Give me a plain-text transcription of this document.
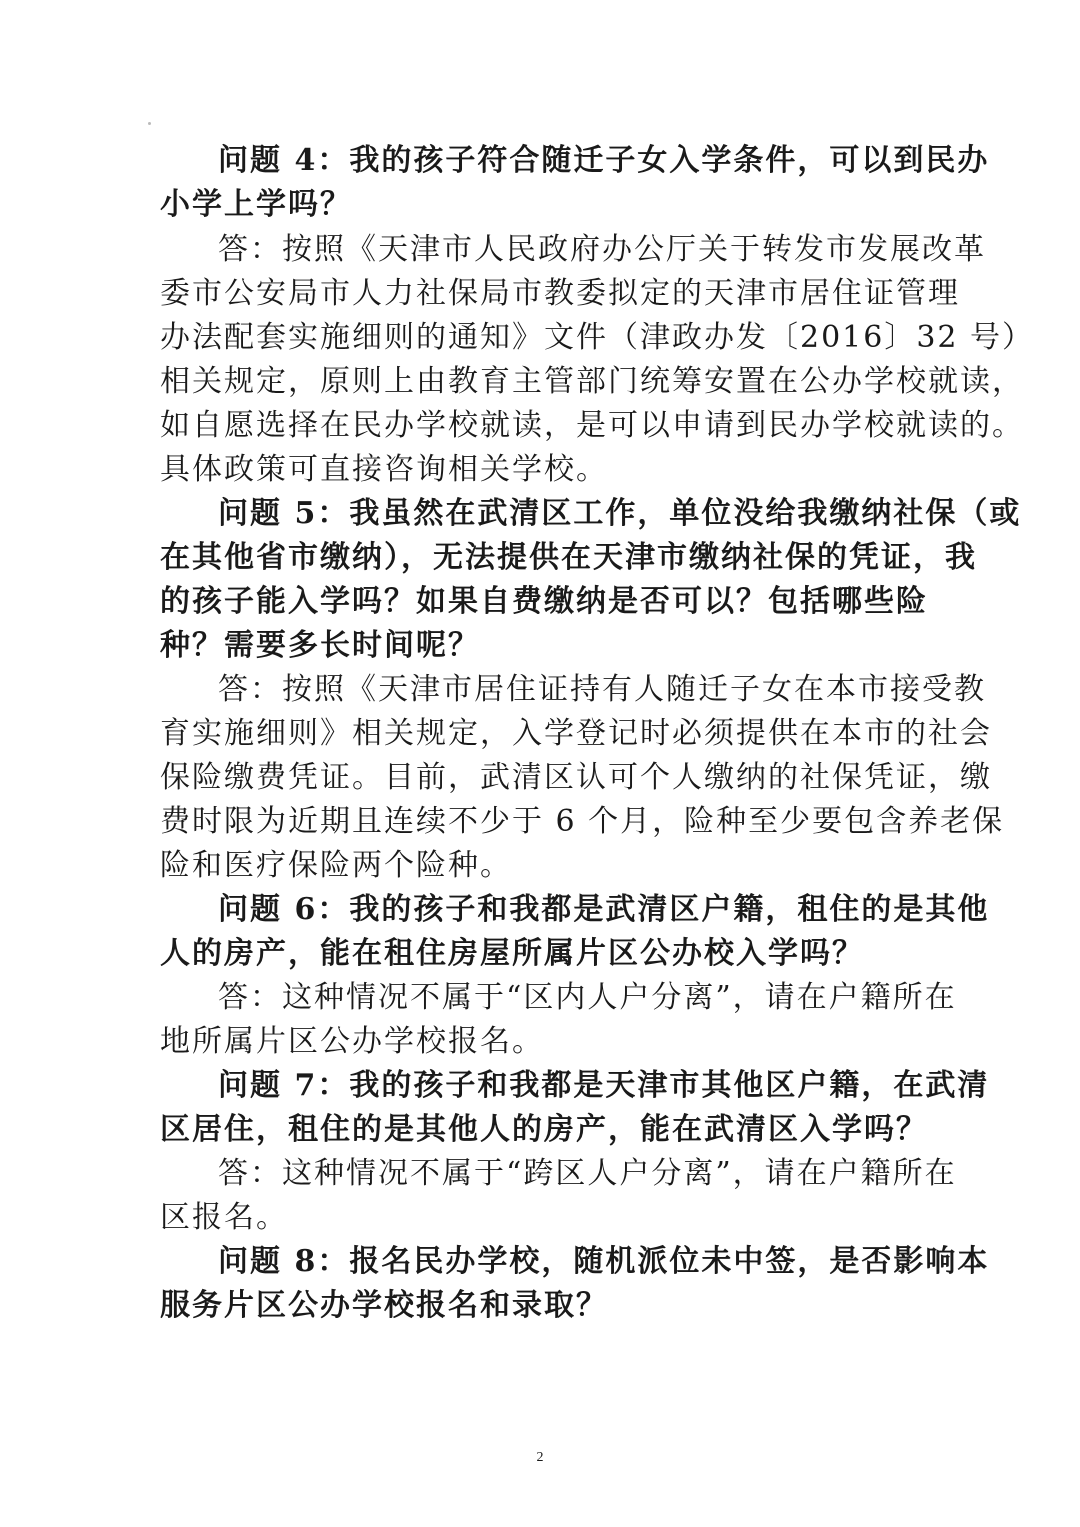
问题 4：我的孩子符合随迁子女入学条件，可以到民办
小学上学吗？
答：按照《天津市人民政府办公厅关于转发市发展改革
委市公安局市人力社保局市教委拟定的天津市居住证管理
办法配套实施细则的通知》文件（津政办发〔2016〕32 号）
相关规定，原则上由教育主管部门统筹安置在公办学校就读，
如自愿选择在民办学校就读，是可以申请到民办学校就读的。
具体政策可直接咨询相关学校。
问题 5：我虽然在武清区工作，单位没给我缴纳社保（或
在其他省市缴纳），无法提供在天津市缴纳社保的凭证，我
的孩子能入学吗？如果自费缴纳是否可以？包括哪些险
种？需要多长时间呢？
答：按照《天津市居住证持有人随迁子女在本市接受教
育实施细则》相关规定，入学登记时必须提供在本市的社会
保险缴费凭证。目前，武清区认可个人缴纳的社保凭证，缴
费时限为近期且连续不少于 6 个月，险种至少要包含养老保
险和医疗保险两个险种。
问题 6：我的孩子和我都是武清区户籍，租住的是其他
人的房产，能在租住房屋所属片区公办校入学吗？
答：这种情况不属于“区内人户分离”，请在户籍所在
地所属片区公办学校报名。
问题 7：我的孩子和我都是天津市其他区户籍，在武清
区居住，租住的是其他人的房产，能在武清区入学吗？
答：这种情况不属于“跨区人户分离”，请在户籍所在
区报名。
问题 8：报名民办学校，随机派位未中签，是否影响本
服务片区公办学校报名和录取？
2
